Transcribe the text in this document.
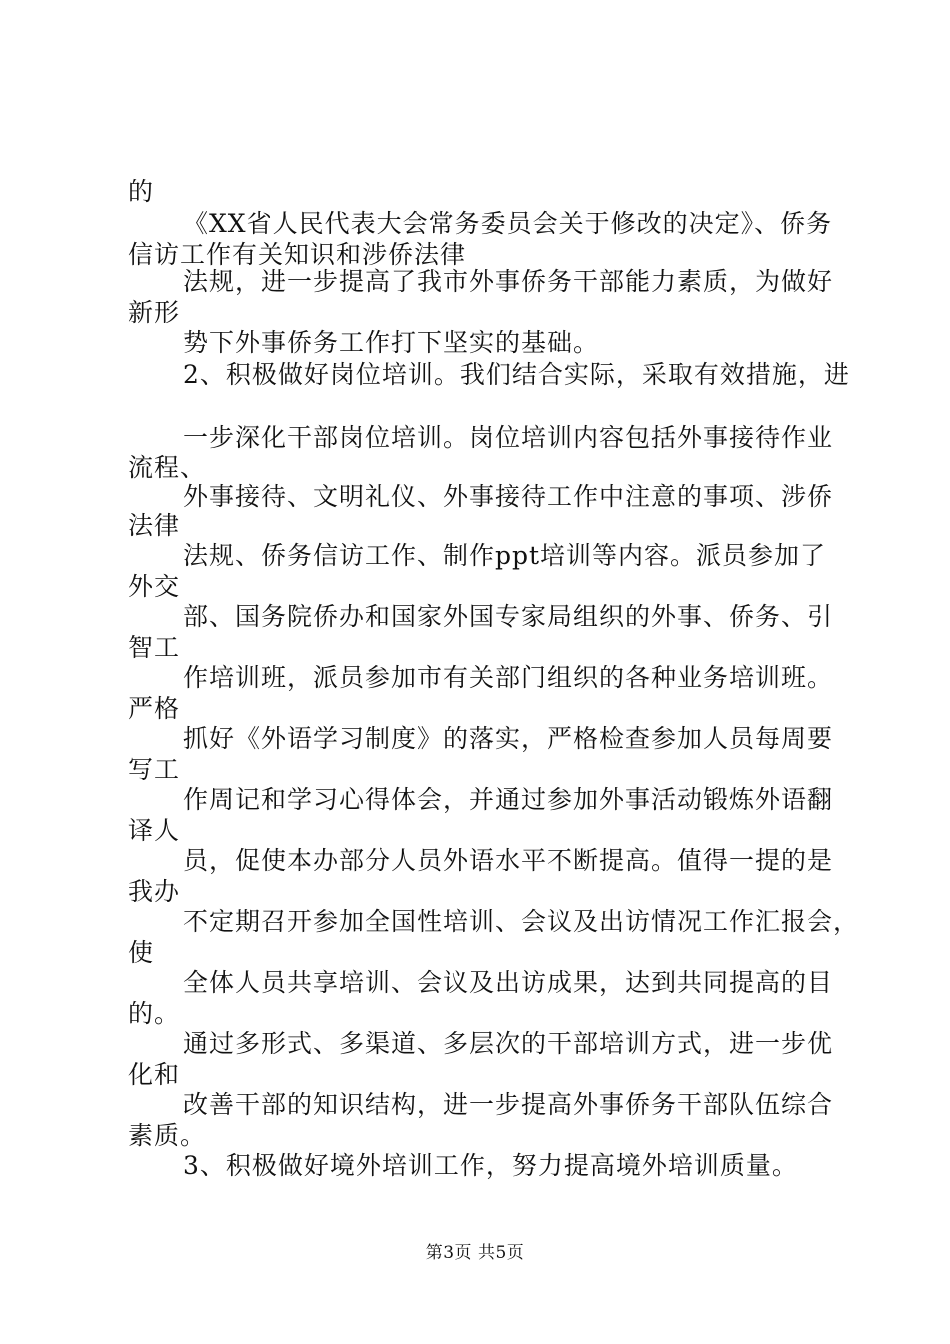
的
《XX省人民代表大会常务委员会关于修改的决定》、侨务
信访工作有关知识和涉侨法律
法规，进一步提高了我市外事侨务干部能力素质，为做好
新形
势下外事侨务工作打下坚实的基础。
2、积极做好岗位培训。我们结合实际，采取有效措施，进
一步深化干部岗位培训。岗位培训内容包括外事接待作业
流程、
外事接待、文明礼仪、外事接待工作中注意的事项、涉侨
法律
法规、侨务信访工作、制作ppt培训等内容。派员参加了
外交
部、国务院侨办和国家外国专家局组织的外事、侨务、引
智工
作培训班，派员参加市有关部门组织的各种业务培训班。
严格
抓好《外语学习制度》的落实，严格检查参加人员每周要
写工
作周记和学习心得体会，并通过参加外事活动锻炼外语翻
译人
员，促使本办部分人员外语水平不断提高。值得一提的是
我办
不定期召开参加全国性培训、会议及出访情况工作汇报会，
使
全体人员共享培训、会议及出访成果，达到共同提高的目
的。
通过多形式、多渠道、多层次的干部培训方式，进一步优
化和
改善干部的知识结构，进一步提高外事侨务干部队伍综合
素质。
3、积极做好境外培训工作，努力提高境外培训质量。
第3页 共5页
